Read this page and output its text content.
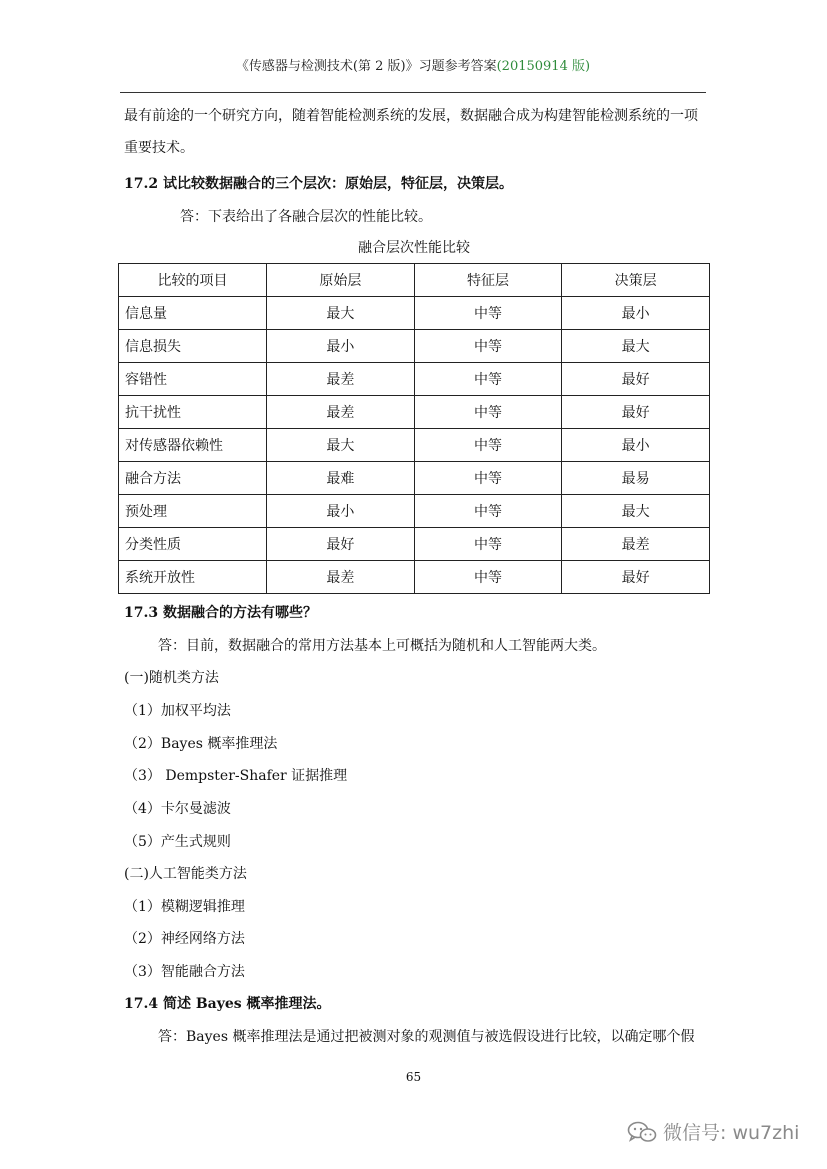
《传感器与检测技术(第 2 版)》习题参考答案(20150914 版)
最有前途的一个研究方向，随着智能检测系统的发展，数据融合成为构建智能检测系统的一项重要技术。
17.2 试比较数据融合的三个层次：原始层，特征层，决策层。
答：下表给出了各融合层次的性能比较。
融合层次性能比较
比较的项目	原始层	特征层	决策层
信息量	最大	中等	最小
信息损失	最小	中等	最大
容错性	最差	中等	最好
抗干扰性	最差	中等	最好
对传感器依赖性	最大	中等	最小
融合方法	最难	中等	最易
预处理	最小	中等	最大
分类性质	最好	中等	最差
系统开放性	最差	中等	最好
17.3 数据融合的方法有哪些？
答：目前，数据融合的常用方法基本上可概括为随机和人工智能两大类。
(一)随机类方法
（1）加权平均法
（2）Bayes 概率推理法
（3） Dempster-Shafer 证据推理
（4）卡尔曼滤波
（5）产生式规则
(二)人工智能类方法
（1）模糊逻辑推理
（2）神经网络方法
（3）智能融合方法
17.4 简述 Bayes 概率推理法。
答：Bayes 概率推理法是通过把被测对象的观测值与被选假设进行比较，以确定哪个假
65
微信号: wu7zhi
